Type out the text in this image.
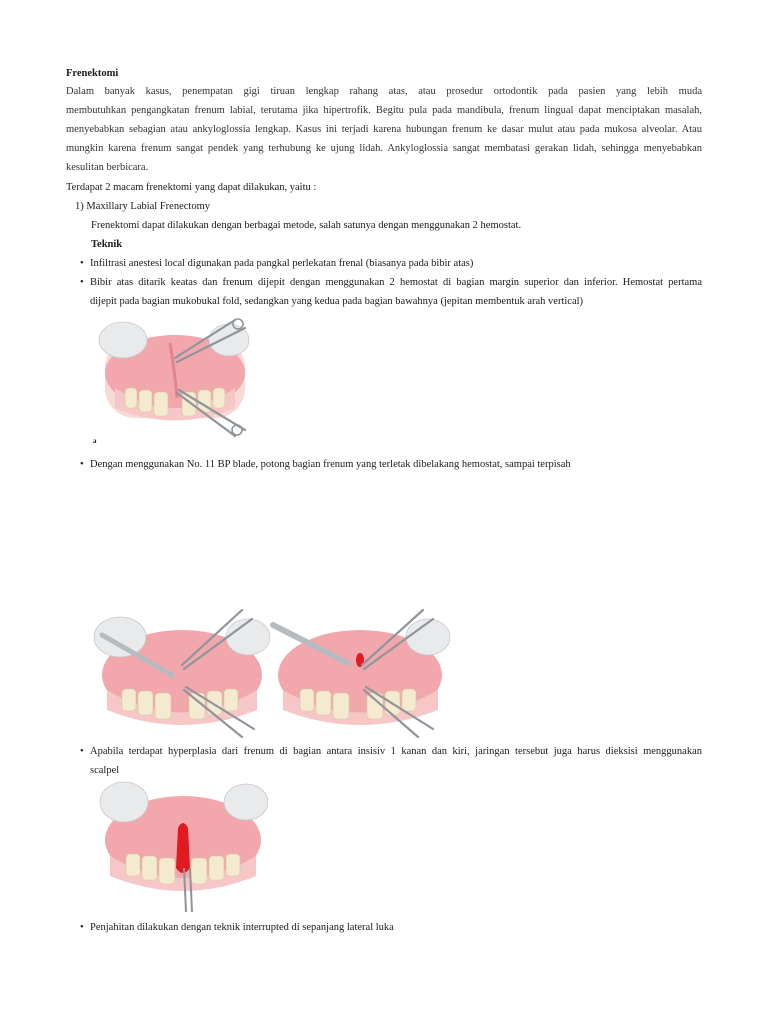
Frenektomi
Dalam banyak kasus, penempatan gigi tiruan lengkap rahang atas, atau prosedur ortodontik pada pasien yang lebih muda
membutuhkan pengangkatan frenum labial, terutama jika hipertrofik. Begitu pula pada mandibula, frenum lingual dapat menciptakan masalah,
menyebabkan sebagian atau ankyloglossia lengkap. Kasus ini terjadi karena hubungan frenum ke dasar mulut atau pada mukosa alveolar. Atau
mungkin karena frenum sangat pendek yang terhubung ke ujung lidah. Ankyloglossia sangat membatasi gerakan lidah, sehingga menyebabkan
kesulitan berbicara.
Terdapat 2 macam frenektomi yang dapat dilakukan, yaitu :
1) Maxillary Labial Frenectomy
Frenektomi dapat dilakukan dengan berbagai metode, salah satunya dengan menggunakan 2 hemostat.
Teknik
• Infiltrasi anestesi local digunakan pada pangkal perlekatan frenal (biasanya pada bibir atas)
• Bibir atas ditarik keatas dan frenum dijepit dengan menggunakan 2 hemostat di bagian margin superior dan inferior. Hemostat pertama
dijepit pada bagian mukobukal fold, sedangkan yang kedua pada bagian bawahnya (jepitan membentuk arah vertical)
a
• Dengan menggunakan No. 11 BP blade, potong bagian frenum yang terletak dibelakang hemostat, sampai terpisah
• Apabila terdapat hyperplasia dari frenum di bagian antara insisiv 1 kanan dan kiri, jaringan tersebut juga harus dieksisi menggunakan
scalpel
• Penjahitan dilakukan dengan teknik interrupted di sepanjang lateral luka
